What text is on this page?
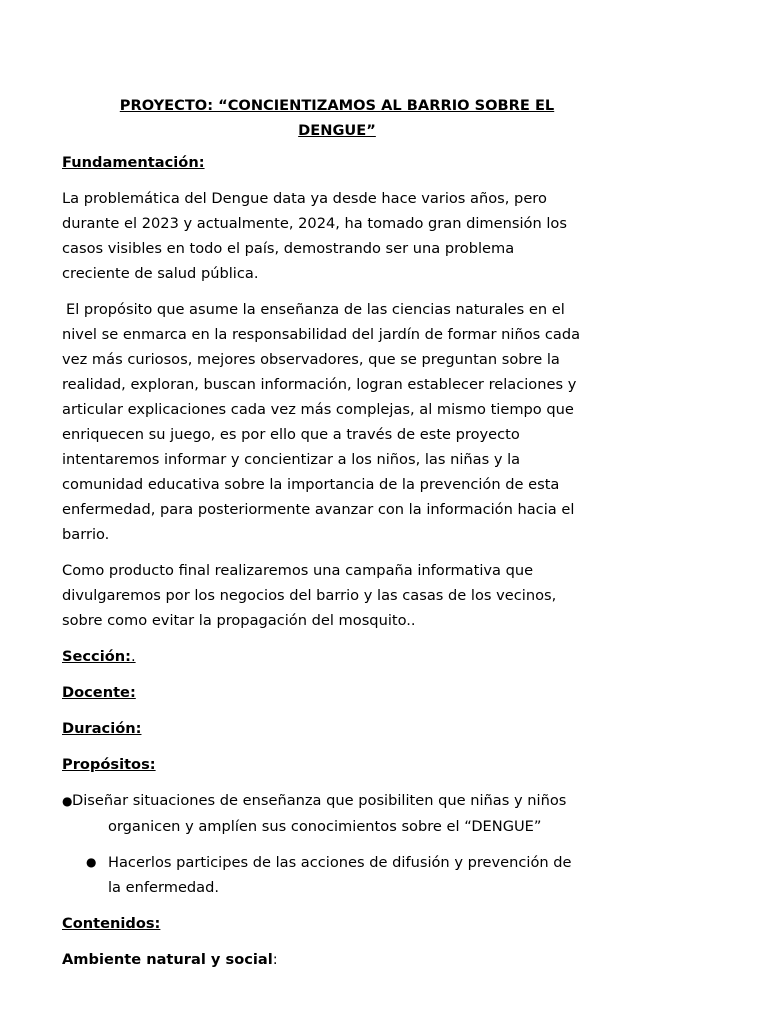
PROYECTO: “CONCIENTIZAMOS AL BARRIO SOBRE EL
DENGUE”
Fundamentación:

La problemática del Dengue data ya desde hace varios años, pero durante el 2023 y actualmente, 2024, ha tomado gran dimensión los casos visibles en todo el país, demostrando ser una problema creciente de salud pública.

El propósito que asume la enseñanza de las ciencias naturales en el nivel se enmarca en la responsabilidad del jardín de formar niños cada vez más curiosos, mejores observadores, que se preguntan sobre la realidad, exploran, buscan información, logran establecer relaciones y articular explicaciones cada vez más complejas, al mismo tiempo que enriquecen su juego, es por ello que a través de este proyecto intentaremos informar y concientizar a los niños, las niñas y la comunidad educativa sobre la importancia de la prevención de esta enfermedad, para posteriormente avanzar con la información hacia el barrio.

Como producto final realizaremos una campaña informativa que divulgaremos por los negocios del barrio y las casas de los vecinos, sobre como evitar la propagación del mosquito..

Sección:.
Docente:
Duración:
Propósitos:
●Diseñar situaciones de enseñanza que posibiliten que niñas y niños organicen y amplíen sus conocimientos sobre el “DENGUE”
● Hacerlos participes de las acciones de difusión y prevención de la enfermedad.
Contenidos:
Ambiente natural y social:
